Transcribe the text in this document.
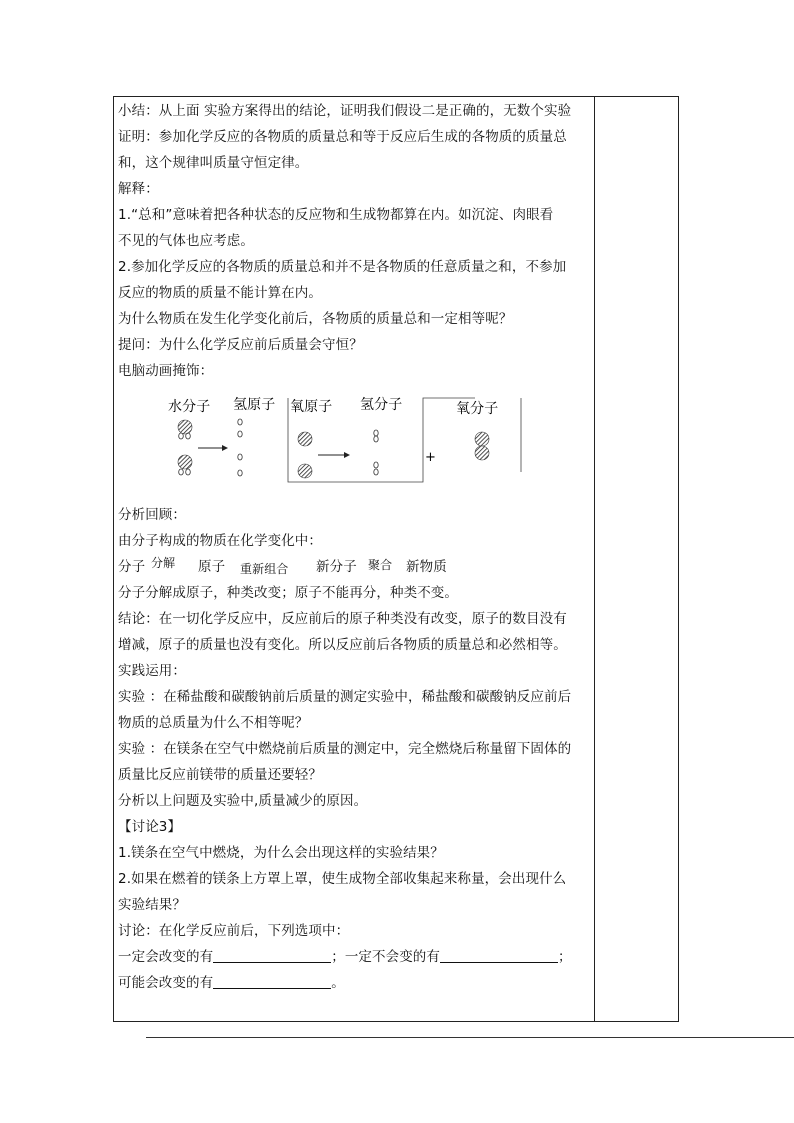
小结：从上面 实验方案得出的结论，证明我们假设二是正确的，无数个实验

证明：参加化学反应的各物质的质量总和等于反应后生成的各物质的质量总

和，这个规律叫质量守恒定律。

解释：

1.“总和”意味着把各种状态的反应物和生成物都算在内。如沉淀、肉眼看

不见的气体也应考虑。

2.参加化学反应的各物质的质量总和并不是各物质的任意质量之和，不参加

反应的物质的质量不能计算在内。

为什么物质在发生化学变化前后，各物质的质量总和一定相等呢？

提问：为什么化学反应前后质量会守恒？

电脑动画掩饰：

水分子 氢原子 氧原子 氢分子	氧分子
+

分析回顾：

由分子构成的物质在化学变化中：

分子 分解 原子 重新组合 新分子 聚合 新物质

分子分解成原子，种类改变；原子不能再分，种类不变。

结论：在一切化学反应中，反应前后的原子种类没有改变，原子的数目没有

增减，原子的质量也没有变化。所以反应前后各物质的质量总和必然相等。

实践运用：

实验 ：在稀盐酸和碳酸钠前后质量的测定实验中，稀盐酸和碳酸钠反应前后

物质的总质量为什么不相等呢？

实验 ：在镁条在空气中燃烧前后质量的测定中，完全燃烧后称量留下固体的

质量比反应前镁带的质量还要轻？

分析以上问题及实验中,质量减少的原因。

【讨论3】

1.镁条在空气中燃烧，为什么会出现这样的实验结果？

2.如果在燃着的镁条上方罩上罩，使生成物全部收集起来称量，会出现什么

实验结果？

讨论：在化学反应前后，下列选项中：

一定会改变的有	；一定不会变的有	；

可能会改变的有	。
